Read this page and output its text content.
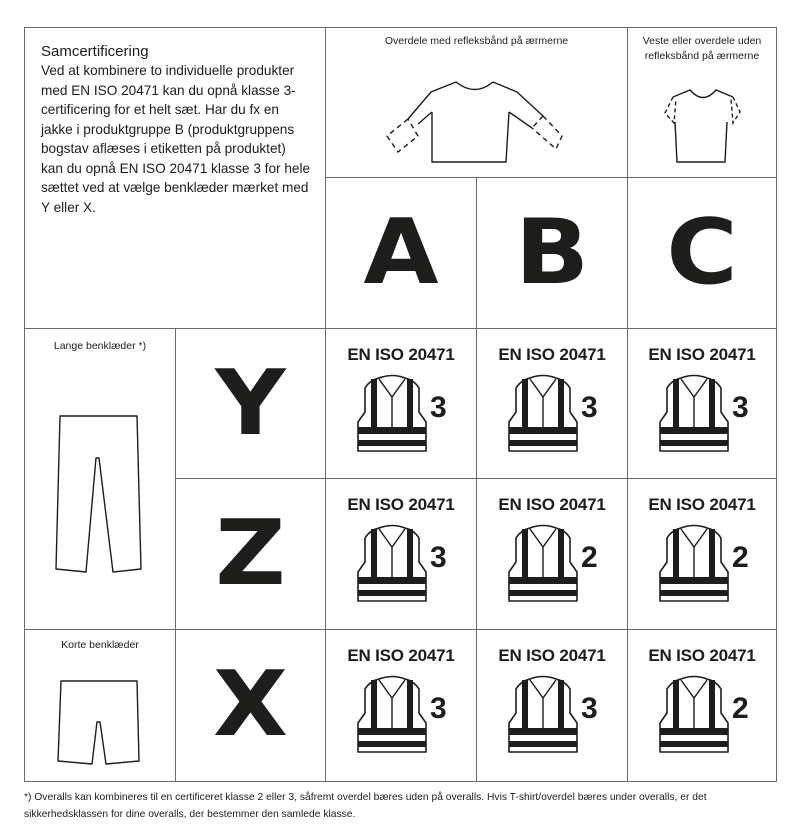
Samcertificering

Ved at kombinere to individuelle produkter med EN ISO 20471 kan du opnå klasse 3-certificering for et helt sæt. Har du fx en jakke i produktgruppe B (produktgruppens bogstav aflæses i etiketten på produktet) kan du opnå EN ISO 20471 klasse 3 for hele sættet ved at vælge benklæder mærket med Y eller X.

Overdele med refleksbånd på ærmerne	Veste eller overdele uden refleksbånd på ærmerne
A B C
Lange benklæder *)
Korte benklæder
Y
Z
X
EN ISO 20471
3
EN ISO 20471
3
EN ISO 20471
3
EN ISO 20471
3
EN ISO 20471
2
EN ISO 20471
2
EN ISO 20471
3
EN ISO 20471
3
EN ISO 20471
2
*) Overalls kan kombineres til en certificeret klasse 2 eller 3, såfremt overdel bæres uden på overalls. Hvis T-shirt/overdel bæres under overalls, er det sikkerhedsklassen for dine overalls, der bestemmer den samlede klasse.
